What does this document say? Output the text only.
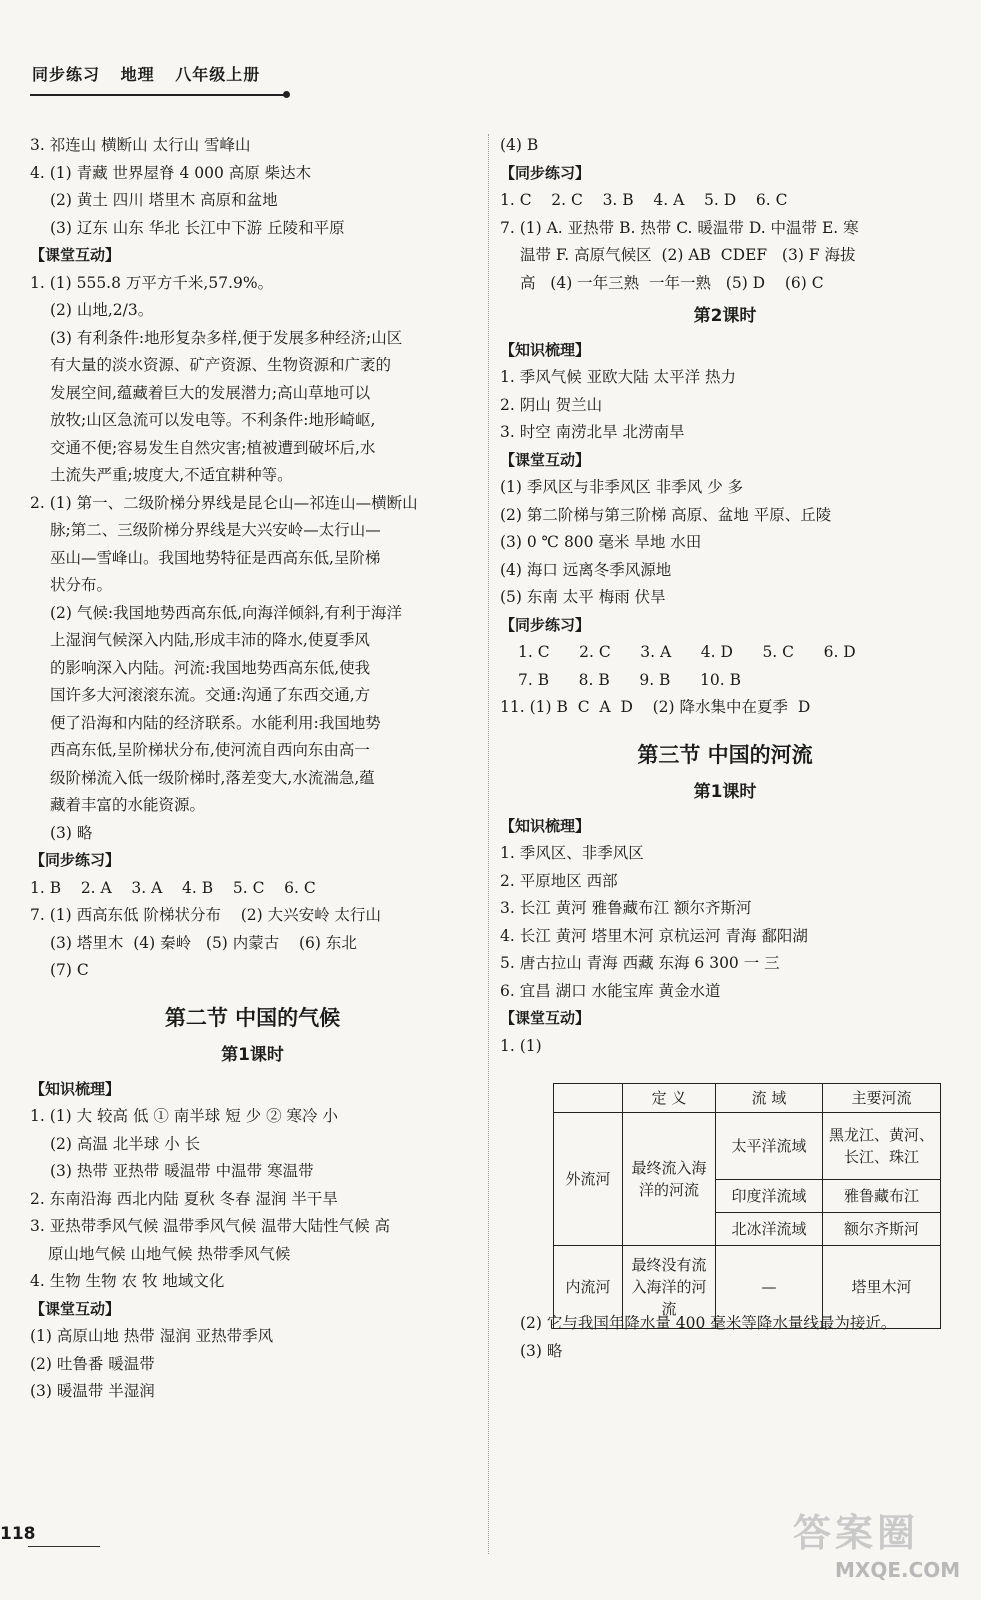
同步练习 地理 八年级上册
3. 祁连山 横断山 太行山 雪峰山
4. (1) 青藏 世界屋脊 4 000 高原 柴达木
(2) 黄土 四川 塔里木 高原和盆地
(3) 辽东 山东 华北 长江中下游 丘陵和平原
【课堂互动】
1. (1) 555.8 万平方千米,57.9%。
(2) 山地,2/3。
(3) 有利条件:地形复杂多样,便于发展多种经济;山区
有大量的淡水资源、矿产资源、生物资源和广袤的
发展空间,蕴藏着巨大的发展潜力;高山草地可以
放牧;山区急流可以发电等。不利条件:地形崎岖,
交通不便;容易发生自然灾害;植被遭到破坏后,水
土流失严重;坡度大,不适宜耕种等。
2. (1) 第一、二级阶梯分界线是昆仑山—祁连山—横断山
脉;第二、三级阶梯分界线是大兴安岭—太行山—
巫山—雪峰山。我国地势特征是西高东低,呈阶梯
状分布。
(2) 气候:我国地势西高东低,向海洋倾斜,有利于海洋
上湿润气候深入内陆,形成丰沛的降水,使夏季风
的影响深入内陆。河流:我国地势西高东低,使我
国许多大河滚滚东流。交通:沟通了东西交通,方
便了沿海和内陆的经济联系。水能利用:我国地势
西高东低,呈阶梯状分布,使河流自西向东由高一
级阶梯流入低一级阶梯时,落差变大,水流湍急,蕴
藏着丰富的水能资源。
(3) 略
【同步练习】
1. B    2. A    3. A    4. B    5. C    6. C
7. (1) 西高东低 阶梯状分布    (2) 大兴安岭 太行山
(3) 塔里木  (4) 秦岭   (5) 内蒙古    (6) 东北
(7) C
第二节 中国的气候
第1课时
【知识梳理】
1. (1) 大 较高 低 ① 南半球 短 少 ② 寒冷 小
(2) 高温 北半球 小 长
(3) 热带 亚热带 暖温带 中温带 寒温带
2. 东南沿海 西北内陆 夏秋 冬春 湿润 半干旱
3. 亚热带季风气候 温带季风气候 温带大陆性气候 高
原山地气候 山地气候 热带季风气候
4. 生物 生物 农 牧 地域文化
【课堂互动】
(1) 高原山地 热带 湿润 亚热带季风
(2) 吐鲁番 暖温带
(3) 暖温带 半湿润
(4) B
【同步练习】
1. C    2. C    3. B    4. A    5. D    6. C
7. (1) A. 亚热带 B. 热带 C. 暖温带 D. 中温带 E. 寒
温带 F. 高原气候区  (2) AB  CDEF   (3) F 海拔
高   (4) 一年三熟  一年一熟   (5) D    (6) C
第2课时
【知识梳理】
1. 季风气候 亚欧大陆 太平洋 热力
2. 阴山 贺兰山
3. 时空 南涝北旱 北涝南旱
【课堂互动】
(1) 季风区与非季风区 非季风 少 多
(2) 第二阶梯与第三阶梯 高原、盆地 平原、丘陵
(3) 0 ℃ 800 毫米 旱地 水田
(4) 海口 远离冬季风源地
(5) 东南 太平 梅雨 伏旱
【同步练习】
1. C      2. C      3. A      4. D      5. C      6. D
7. B      8. B      9. B      10. B
11. (1) B  C  A  D    (2) 降水集中在夏季  D
第三节 中国的河流
第1课时
【知识梳理】
1. 季风区、非季风区
2. 平原地区 西部
3. 长江 黄河 雅鲁藏布江 额尔齐斯河
4. 长江 黄河 塔里木河 京杭运河 青海 鄱阳湖
5. 唐古拉山 青海 西藏 东海 6 300 一 三
6. 宜昌 湖口 水能宝库 黄金水道
【课堂互动】
1. (1)
(2) 它与我国年降水量 400 毫米等降水量线最为接近。
(3) 略
	定 义	流 域	主要河流
外流河	最终流入海洋的河流	太平洋流域	黑龙江、黄河、长江、珠江
		印度洋流域	雅鲁藏布江
		北冰洋流域	额尔齐斯河
内流河	最终没有流入海洋的河流	—	塔里木河
118	答案圈
MXQE.COM
